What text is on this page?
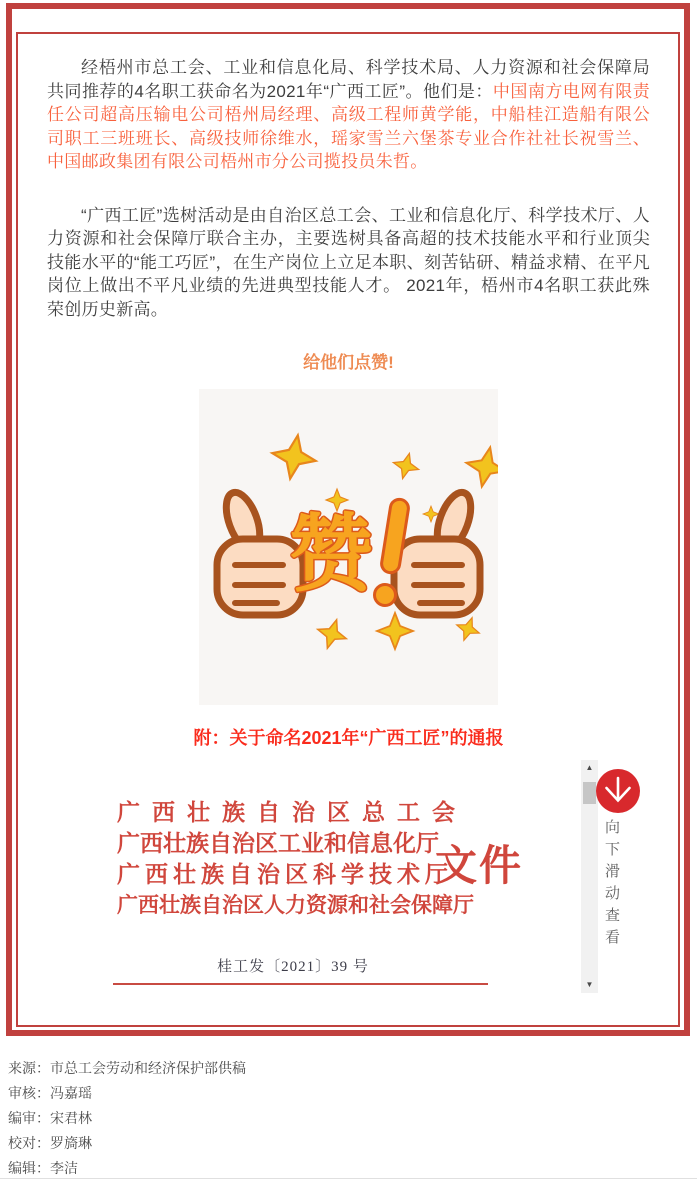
经梧州市总工会、工业和信息化局、科学技术局、人力资源和社会保障局共同推荐的4名职工获命名为2021年“广西工匠”。他们是：中国南方电网有限责任公司超高压输电公司梧州局经理、高级工程师黄学能，中船桂江造船有限公司职工三班班长、高级技师徐维水，瑶家雪兰六堡茶专业合作社社长祝雪兰、中国邮政集团有限公司梧州市分公司揽投员朱哲。

“广西工匠”选树活动是由自治区总工会、工业和信息化厅、科学技术厅、人力资源和社会保障厅联合主办，主要选树具备高超的技术技能水平和行业顶尖技能水平的“能工巧匠”，在生产岗位上立足本职、刻苦钻研、精益求精、在平凡岗位上做出不平凡业绩的先进典型技能人才。 2021年，梧州市4名职工获此殊荣创历史新高。

给他们点赞!
赞
附：关于命名2021年“广西工匠”的通报
广西壮族自治区总工会
广西壮族自治区工业和信息化厅
广西壮族自治区科学技术厅
广西壮族自治区人力资源和社会保障厅
文件
桂工发〔2021〕39 号
▲
▼
向下滑动查看
来源：市总工会劳动和经济保护部供稿
审核：冯嘉瑶
编审：宋君林
校对：罗旖琳
编辑：李洁
